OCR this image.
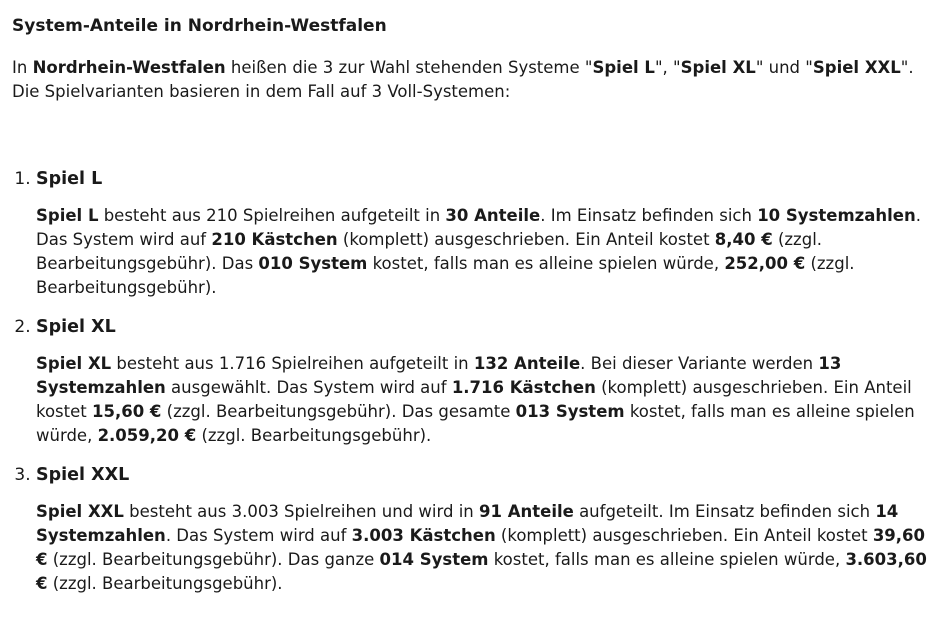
System-Anteile in Nordrhein-Westfalen

In Nordrhein-Westfalen heißen die 3 zur Wahl stehenden Systeme "Spiel L", "Spiel XL" und "Spiel XXL". Die Spielvarianten basieren in dem Fall auf 3 Voll-Systemen:

1. Spiel L

Spiel L besteht aus 210 Spielreihen aufgeteilt in 30 Anteile. Im Einsatz befinden sich 10 Systemzahlen. Das System wird auf 210 Kästchen (komplett) ausgeschrieben. Ein Anteil kostet 8,40 € (zzgl. Bearbeitungsgebühr). Das 010 System kostet, falls man es alleine spielen würde, 252,00 € (zzgl. Bearbeitungsgebühr).

2. Spiel XL

Spiel XL besteht aus 1.716 Spielreihen aufgeteilt in 132 Anteile. Bei dieser Variante werden 13 Systemzahlen ausgewählt. Das System wird auf 1.716 Kästchen (komplett) ausgeschrieben. Ein Anteil kostet 15,60 € (zzgl. Bearbeitungsgebühr). Das gesamte 013 System kostet, falls man es alleine spielen würde, 2.059,20 € (zzgl. Bearbeitungsgebühr).

3. Spiel XXL

Spiel XXL besteht aus 3.003 Spielreihen und wird in 91 Anteile aufgeteilt. Im Einsatz befinden sich 14 Systemzahlen. Das System wird auf 3.003 Kästchen (komplett) ausgeschrieben. Ein Anteil kostet 39,60 € (zzgl. Bearbeitungsgebühr). Das ganze 014 System kostet, falls man es alleine spielen würde, 3.603,60 € (zzgl. Bearbeitungsgebühr).
